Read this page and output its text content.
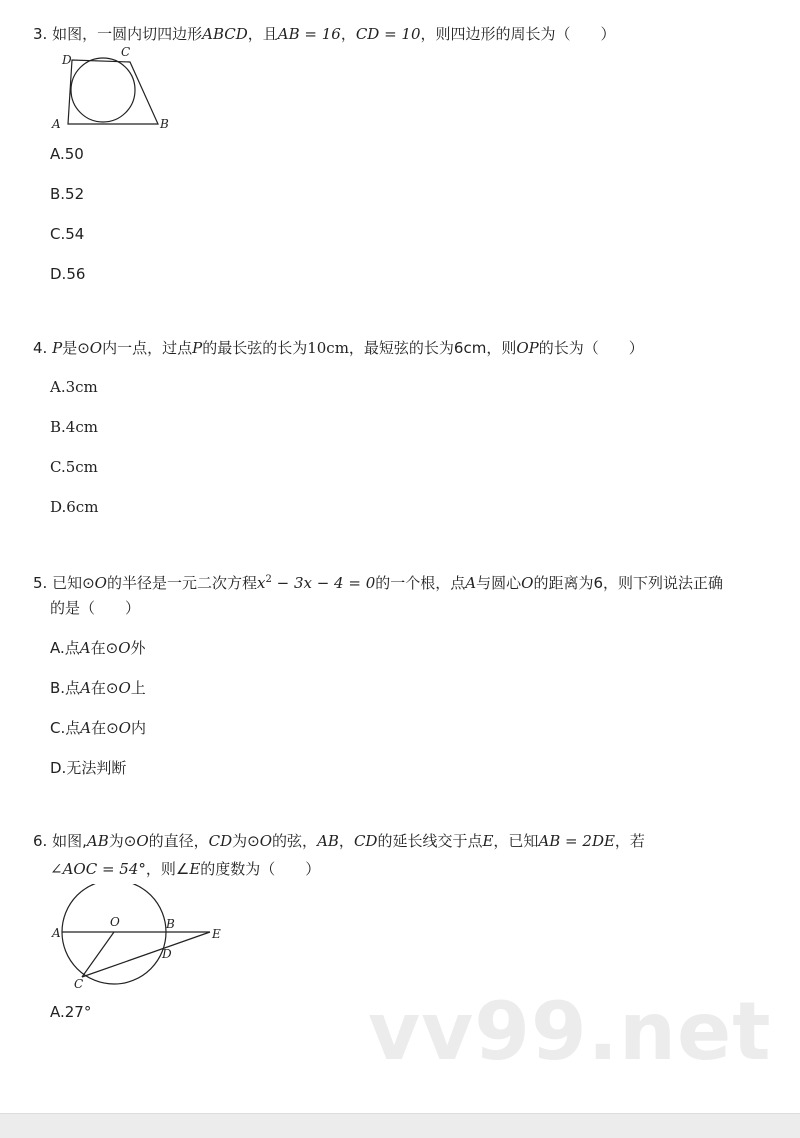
3. 如图，一圆内切四边形ABCD，且AB = 16，CD = 10，则四边形的周长为（　　）
A	B
C
D
A.50
B.52
C.54
D.56
4. P是⊙O内一点，过点P的最长弦的长为10cm，最短弦的长为6cm，则OP的长为（　　）
A.3cm
B.4cm
C.5cm
D.6cm
5. 已知⊙O的半径是一元二次方程$x^2 - 3x - 4 = 0$的一个根，点A与圆心O的距离为6，则下列说法正确
的是（　　）
A.点A在⊙O外
B.点A在⊙O上
C.点A在⊙O内
D.无法判断
6. 如图,AB为⊙O的直径，CD为⊙O的弦，AB，CD的延长线交于点E，已知AB = 2DE，若
∠AOC = 54°，则∠E的度数为（　　）
A
O	B
E
D
C
A.27°	vv99.net
